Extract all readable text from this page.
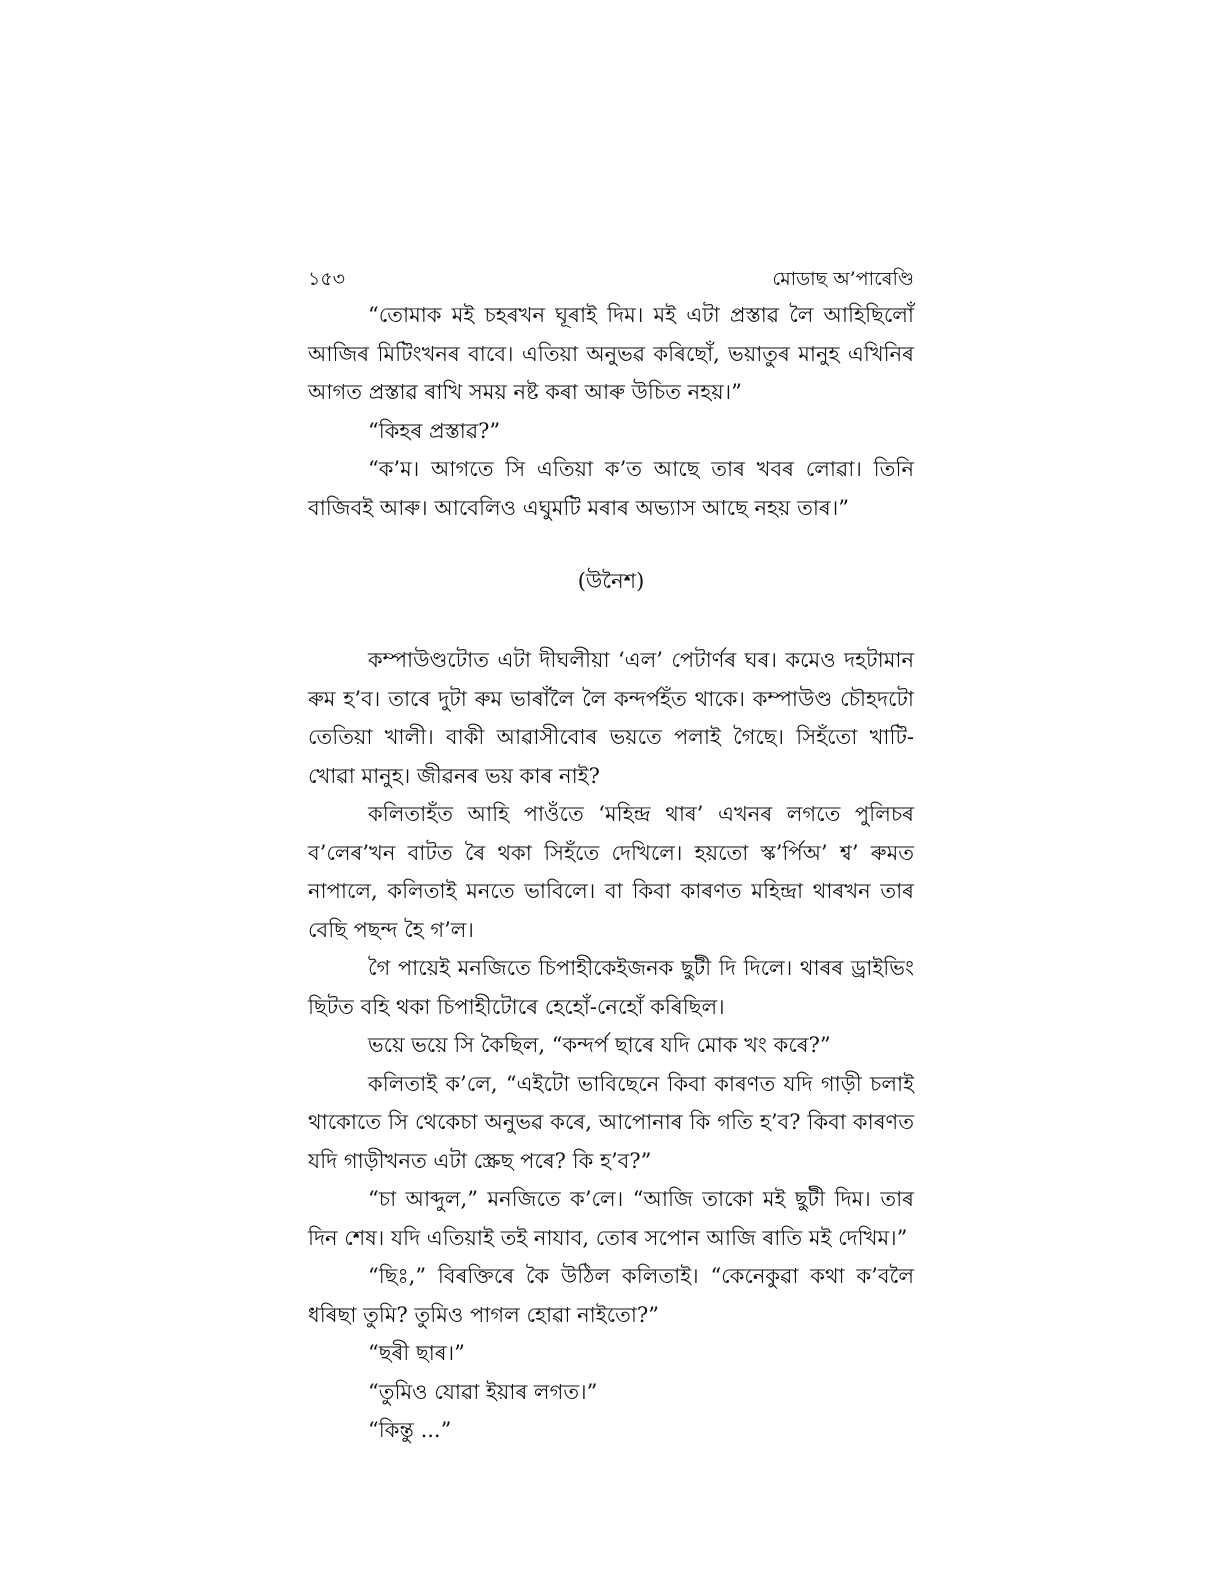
১৫৩	মোডাছ অ’পাৰেণ্ডি

“তোমাক মই চহৰখন ঘূৰাই দিম। মই এটা প্ৰস্তাৱ লৈ আহিছিলোঁ আজিৰ মিটিংখনৰ বাবে। এতিয়া অনুভৱ কৰিছোঁ, ভয়াতুৰ মানুহ এখিনিৰ আগত প্ৰস্তাৱ ৰাখি সময় নষ্ট কৰা আৰু উচিত নহয়।”

“কিহৰ প্ৰস্তাৱ?”

“ক’ম। আগতে সি এতিয়া ক’ত আছে তাৰ খবৰ লোৱা। তিনি বাজিবই আৰু। আবেলিও এঘুমটি মৰাৰ অভ্যাস আছে নহয় তাৰ।”

(উনৈশ)

কম্পাউণ্ডটোত এটা দীঘলীয়া ‘এল’ পেটাৰ্ণৰ ঘৰ। কমেও দহটামান ৰুম হ’ব। তাৰে দুটা ৰুম ভাৰাঁলৈ লৈ কন্দৰ্পহঁত থাকে। কম্পাউণ্ড চৌহদটো তেতিয়া খালী। বাকী আৱাসীবোৰ ভয়তে পলাই গৈছে। সিহঁতো খাটি-খোৱা মানুহ। জীৱনৰ ভয় কাৰ নাই?

কলিতাহঁত আহি পাওঁতে ‘মহিন্দ্ৰ থাৰ’ এখনৰ লগতে পুলিচৰ ব’লেৰ’খন বাটত ৰৈ থকা সিহঁতে দেখিলে। হয়তো স্ক’ৰ্পিঅ’ শ্ব’ ৰুমত নাপালে, কলিতাই মনতে ভাবিলে। বা কিবা কাৰণত মহিন্দ্ৰা থাৰখন তাৰ বেছি পছন্দ হৈ গ’ল।

গৈ পায়েই মনজিতে চিপাহীকেইজনক ছুটী দি দিলে। থাৰৰ ড্ৰাইভিং ছিটত বহি থকা চিপাহীটোৰে হেহোঁ-নেহোঁ কৰিছিল।

ভয়ে ভয়ে সি কৈছিল, “কন্দৰ্প ছাৰে যদি মোক খং কৰে?”

কলিতাই ক’লে, “এইটো ভাবিছেনে কিবা কাৰণত যদি গাড়ী চলাই থাকোতে সি থেকেচা অনুভৱ কৰে, আপোনাৰ কি গতি হ’ব? কিবা কাৰণত যদি গাড়ীখনত এটা স্ক্ৰেছ পৰে? কি হ’ব?”

“চা আব্দুল,” মনজিতে ক’লে। “আজি তাকো মই ছুটী দিম। তাৰ দিন শেষ। যদি এতিয়াই তই নাযাব, তোৰ সপোন আজি ৰাতি মই দেখিম।”

“ছিঃ,” বিৰক্তিৰে কৈ উঠিল কলিতাই। “কেনেকুৱা কথা ক’বলৈ ধৰিছা তুমি? তুমিও পাগল হোৱা নাইতো?”

“ছৰী ছাৰ।”

“তুমিও যোৱা ইয়াৰ লগত।”

“কিন্তু ...”
